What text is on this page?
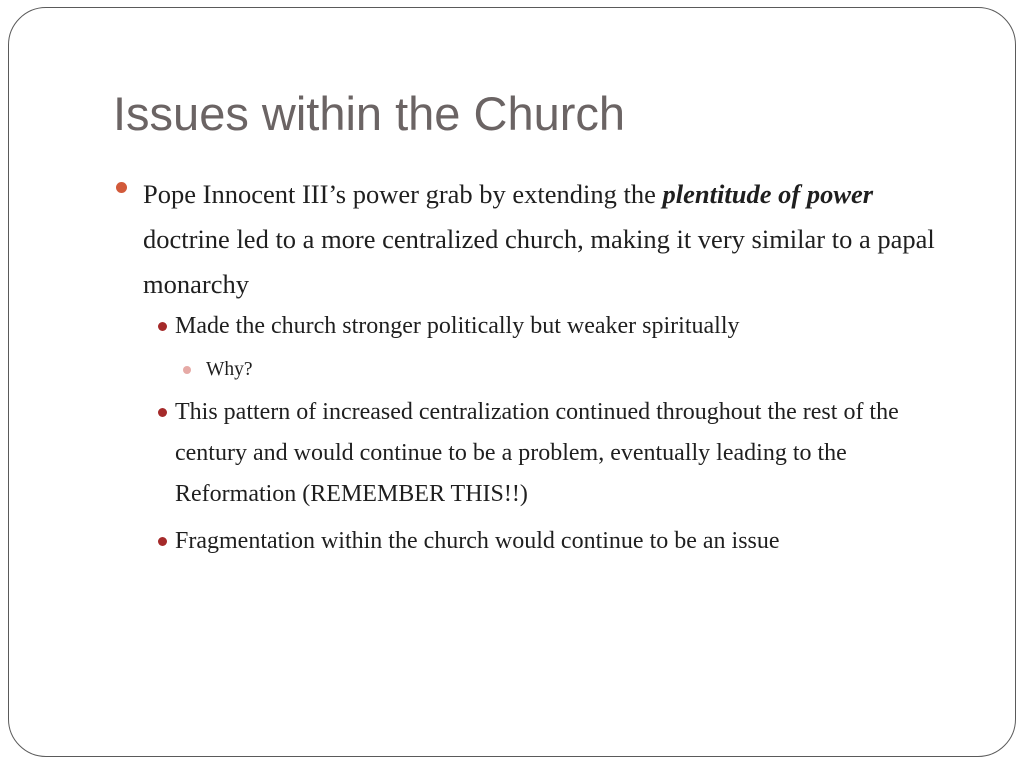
Issues within the Church
Pope Innocent III’s power grab by extending the plentitude of power doctrine led to a more centralized church, making it very similar to a papal monarchy
Made the church stronger politically but weaker spiritually
Why?
This pattern of increased centralization continued throughout the rest of the century and would continue to be a problem, eventually leading to the Reformation (REMEMBER THIS!!)
Fragmentation within the church would continue to be an issue
